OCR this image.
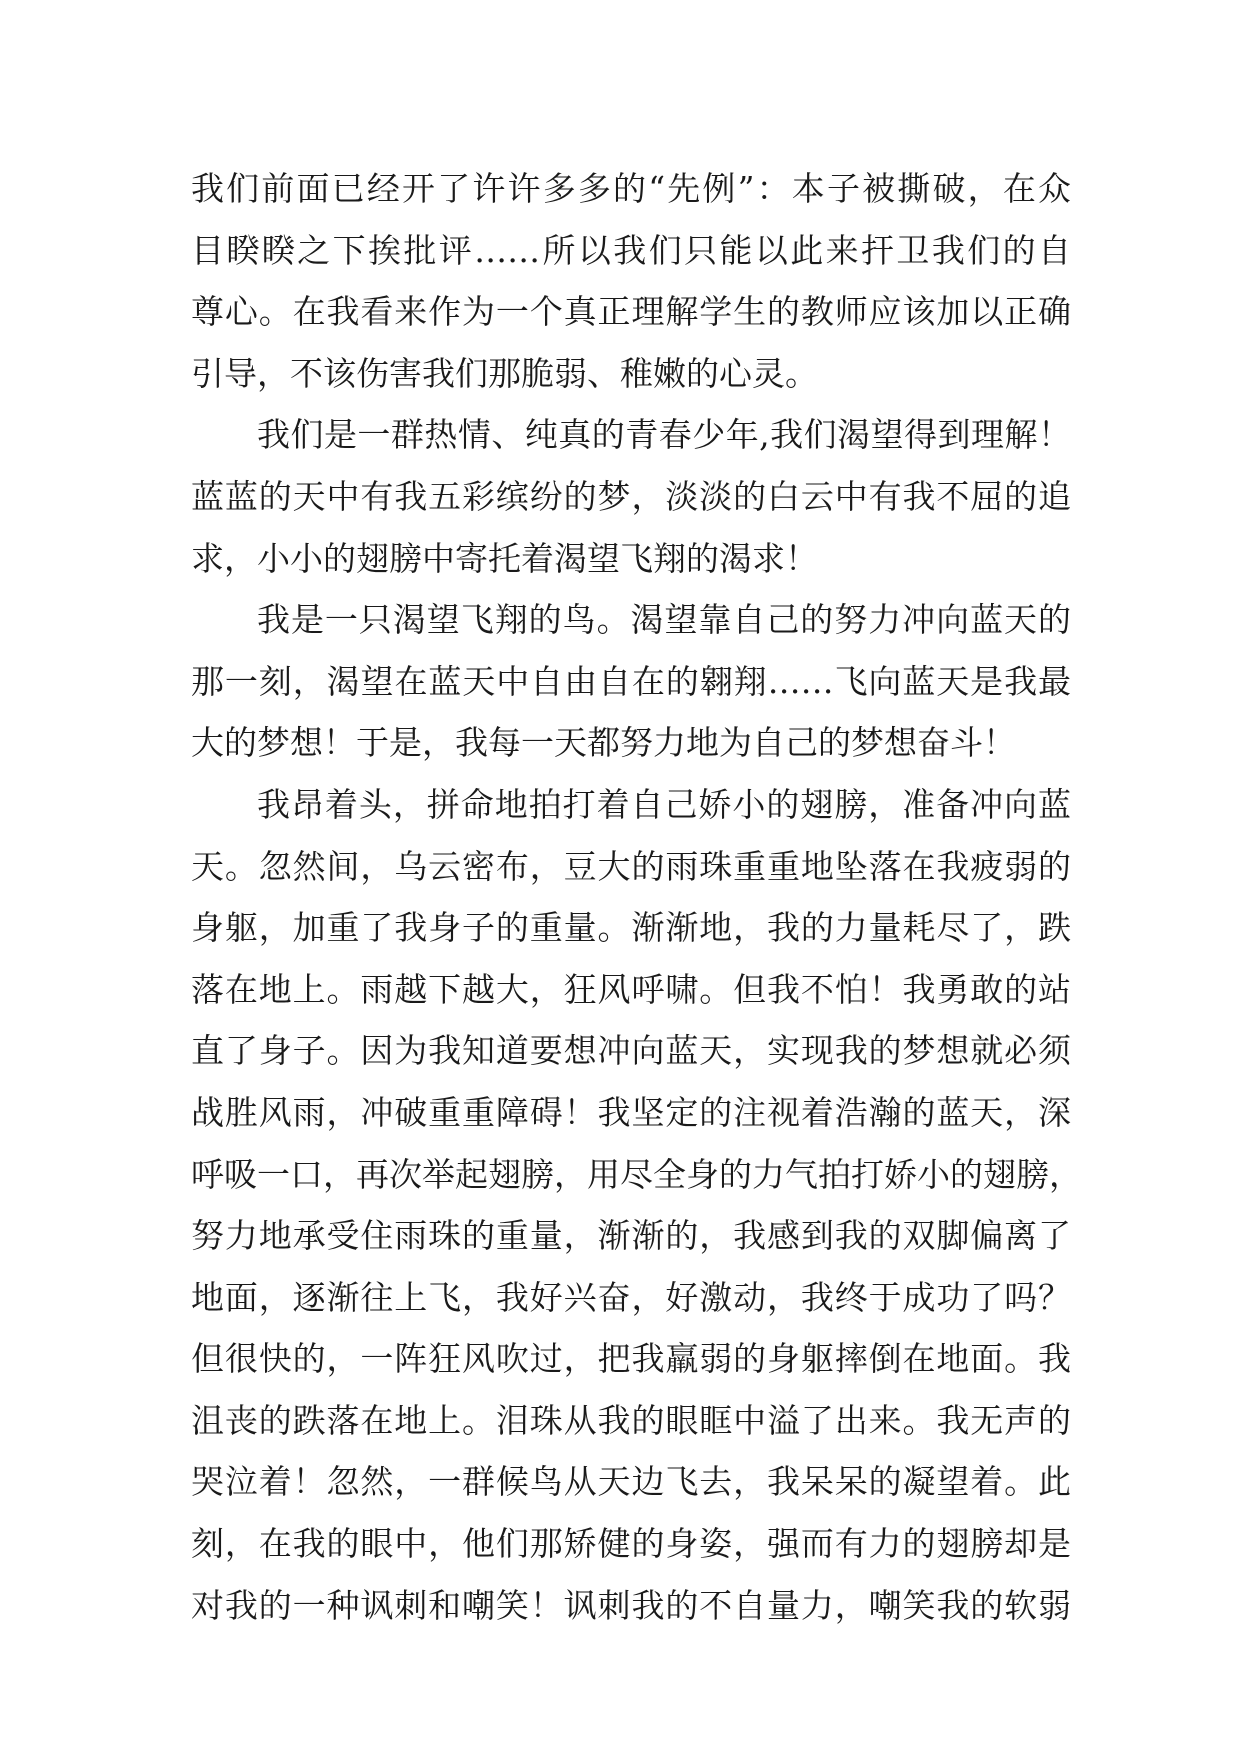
我们前面已经开了许许多多的“先例”：本子被撕破，在众
目睽睽之下挨批评……所以我们只能以此来扞卫我们的自
尊心。在我看来作为一个真正理解学生的教师应该加以正确
引导，不该伤害我们那脆弱、稚嫩的心灵。
我们是一群热情、纯真的青春少年,我们渴望得到理解！
蓝蓝的天中有我五彩缤纷的梦，淡淡的白云中有我不屈的追
求，小小的翅膀中寄托着渴望飞翔的渴求！
我是一只渴望飞翔的鸟。渴望靠自己的努力冲向蓝天的
那一刻，渴望在蓝天中自由自在的翱翔……飞向蓝天是我最
大的梦想！于是，我每一天都努力地为自己的梦想奋斗！
我昂着头，拼命地拍打着自己娇小的翅膀，准备冲向蓝
天。忽然间，乌云密布，豆大的雨珠重重地坠落在我疲弱的
身躯，加重了我身子的重量。渐渐地，我的力量耗尽了，跌
落在地上。雨越下越大，狂风呼啸。但我不怕！我勇敢的站
直了身子。因为我知道要想冲向蓝天，实现我的梦想就必须
战胜风雨，冲破重重障碍！我坚定的注视着浩瀚的蓝天，深
呼吸一口，再次举起翅膀，用尽全身的力气拍打娇小的翅膀，
努力地承受住雨珠的重量，渐渐的，我感到我的双脚偏离了
地面，逐渐往上飞，我好兴奋，好激动，我终于成功了吗？
但很快的，一阵狂风吹过，把我羸弱的身躯摔倒在地面。我
沮丧的跌落在地上。泪珠从我的眼眶中溢了出来。我无声的
哭泣着！忽然，一群候鸟从天边飞去，我呆呆的凝望着。此
刻，在我的眼中，他们那矫健的身姿，强而有力的翅膀却是
对我的一种讽刺和嘲笑！讽刺我的不自量力，嘲笑我的软弱
